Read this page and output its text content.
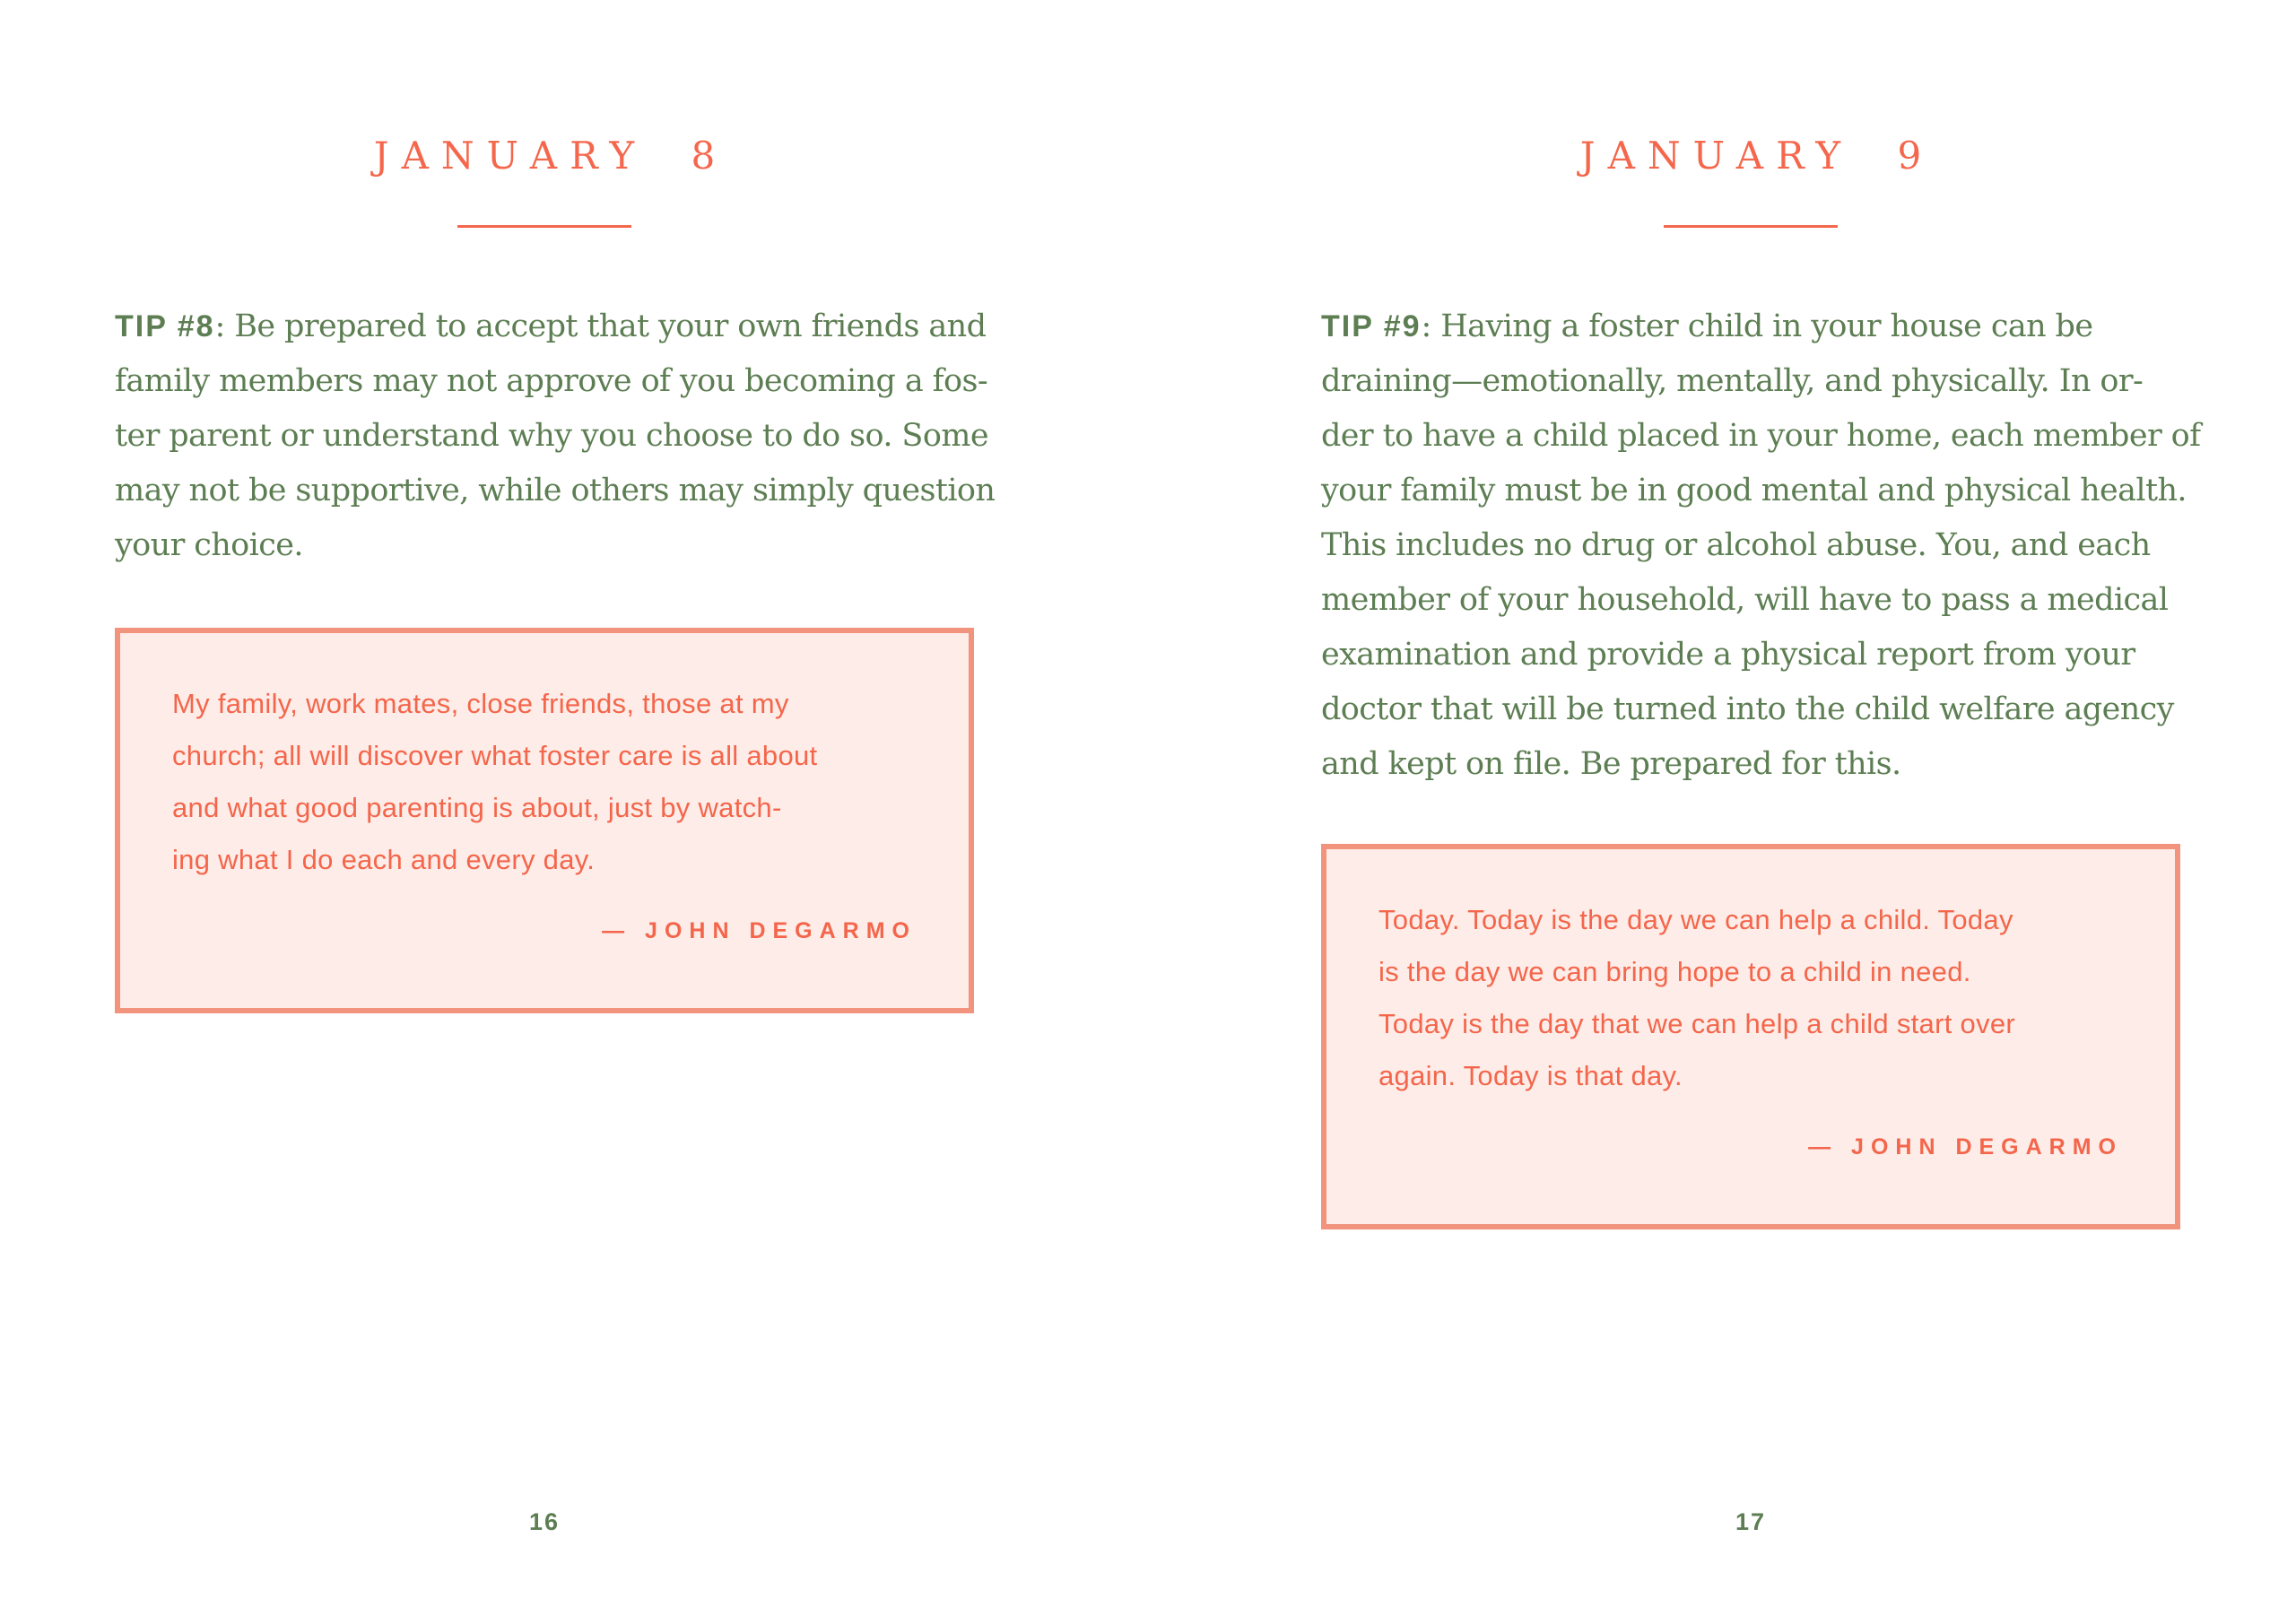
JANUARY 8
TIP #8: Be prepared to accept that your own friends and
family members may not approve of you becoming a fos-
ter parent or understand why you choose to do so. Some
may not be supportive, while others may simply question
your choice.
My family, work mates, close friends, those at my
church; all will discover what foster care is all about
and what good parenting is about, just by watch-
ing what I do each and every day.
— JOHN DEGARMO
16
JANUARY 9
TIP #9: Having a foster child in your house can be
draining—emotionally, mentally, and physically. In or-
der to have a child placed in your home, each member of
your family must be in good mental and physical health.
This includes no drug or alcohol abuse. You, and each
member of your household, will have to pass a medical
examination and provide a physical report from your
doctor that will be turned into the child welfare agency
and kept on file. Be prepared for this.
Today. Today is the day we can help a child. Today
is the day we can bring hope to a child in need.
Today is the day that we can help a child start over
again. Today is that day.
— JOHN DEGARMO
17
